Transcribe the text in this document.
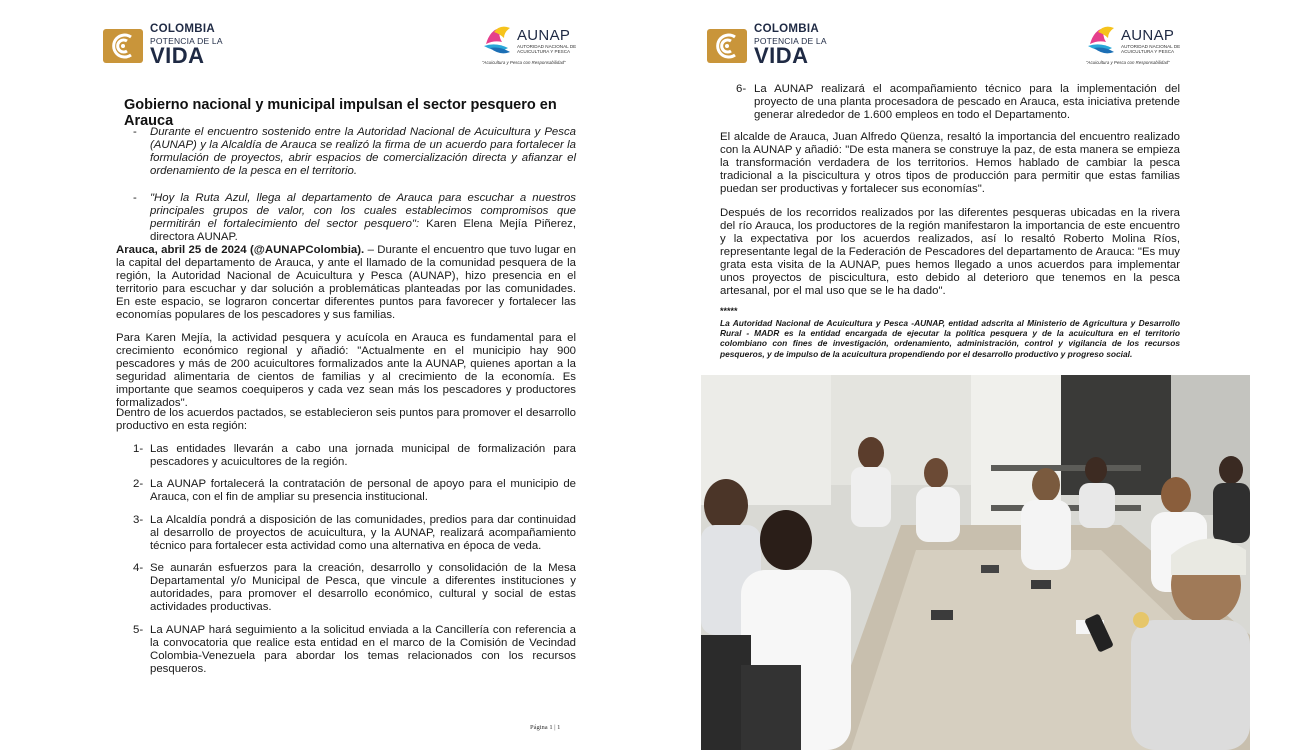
COLOMBIA
POTENCIA DE LA
VIDA
AUNAP
AUTORIDAD NACIONAL DE ACUICULTURA Y PESCA
"Acuicultura y Pesca con Responsabilidad"
Gobierno nacional y municipal impulsan el sector pesquero en Arauca
- Durante el encuentro sostenido entre la Autoridad Nacional de Acuicultura y Pesca (AUNAP) y la Alcaldía de Arauca se realizó la firma de un acuerdo para fortalecer la formulación de proyectos, abrir espacios de comercialización directa y afianzar el ordenamiento de la pesca en el territorio.
- "Hoy la Ruta Azul, llega al departamento de Arauca para escuchar a nuestros principales grupos de valor, con los cuales establecimos compromisos que permitirán el fortalecimiento del sector pesquero": Karen Elena Mejía Piñerez, directora AUNAP.
Arauca, abril 25 de 2024 (@AUNAPColombia). – Durante el encuentro que tuvo lugar en la capital del departamento de Arauca, y ante el llamado de la comunidad pesquera de la región, la Autoridad Nacional de Acuicultura y Pesca (AUNAP), hizo presencia en el territorio para escuchar y dar solución a problemáticas planteadas por las comunidades. En este espacio, se lograron concertar diferentes puntos para favorecer y fortalecer las economías populares de los pescadores y sus familias.
Para Karen Mejía, la actividad pesquera y acuícola en Arauca es fundamental para el crecimiento económico regional y añadió: "Actualmente en el municipio hay 900 pescadores y más de 200 acuicultores formalizados ante la AUNAP, quienes aportan a la seguridad alimentaria de cientos de familias y al crecimiento de la economía. Es importante que seamos coequiperos y cada vez sean más los pescadores y productores formalizados".
Dentro de los acuerdos pactados, se establecieron seis puntos para promover el desarrollo productivo en esta región:
1- Las entidades llevarán a cabo una jornada municipal de formalización para pescadores y acuicultores de la región.
2- La AUNAP fortalecerá la contratación de personal de apoyo para el municipio de Arauca, con el fin de ampliar su presencia institucional.
3- La Alcaldía pondrá a disposición de las comunidades, predios para dar continuidad al desarrollo de proyectos de acuicultura, y la AUNAP, realizará acompañamiento técnico para fortalecer esta actividad como una alternativa en época de veda.
4- Se aunarán esfuerzos para la creación, desarrollo y consolidación de la Mesa Departamental y/o Municipal de Pesca, que vincule a diferentes instituciones y autoridades, para promover el desarrollo económico, cultural y social de estas actividades productivas.
5- La AUNAP hará seguimiento a la solicitud enviada a la Cancillería con referencia a la convocatoria que realice esta entidad en el marco de la Comisión de Vecindad Colombia-Venezuela para abordar los temas relacionados con los recursos pesqueros.
Página 1 | 1
COLOMBIA
POTENCIA DE LA
VIDA
AUNAP
AUTORIDAD NACIONAL DE ACUICULTURA Y PESCA
"Acuicultura y Pesca con Responsabilidad"
6- La AUNAP realizará el acompañamiento técnico para la implementación del proyecto de una planta procesadora de pescado en Arauca, esta iniciativa pretende generar alrededor de 1.600 empleos en todo el Departamento.
El alcalde de Arauca, Juan Alfredo Qüenza, resaltó la importancia del encuentro realizado con la AUNAP y añadió: "De esta manera se construye la paz, de esta manera se empieza la transformación verdadera de los territorios. Hemos hablado de cambiar la pesca tradicional a la piscicultura y otros tipos de producción para permitir que estas familias puedan ser productivas y fortalecer sus economías".
Después de los recorridos realizados por las diferentes pesqueras ubicadas en la rivera del río Arauca, los productores de la región manifestaron la importancia de este encuentro y la expectativa por los acuerdos realizados, así lo resaltó Roberto Molina Ríos, representante legal de la Federación de Pescadores del departamento de Arauca: "Es muy grata esta visita de la AUNAP, pues hemos llegado a unos acuerdos para implementar unos proyectos de piscicultura, esto debido al deterioro que tenemos en la pesca artesanal, por el mal uso que se le ha dado".
*****
La Autoridad Nacional de Acuicultura y Pesca -AUNAP, entidad adscrita al Ministerio de Agricultura y Desarrollo Rural - MADR es la entidad encargada de ejecutar la política pesquera y de la acuicultura en el territorio colombiano con fines de investigación, ordenamiento, administración, control y vigilancia de los recursos pesqueros, y de impulso de la acuicultura propendiendo por el desarrollo productivo y progreso social.
